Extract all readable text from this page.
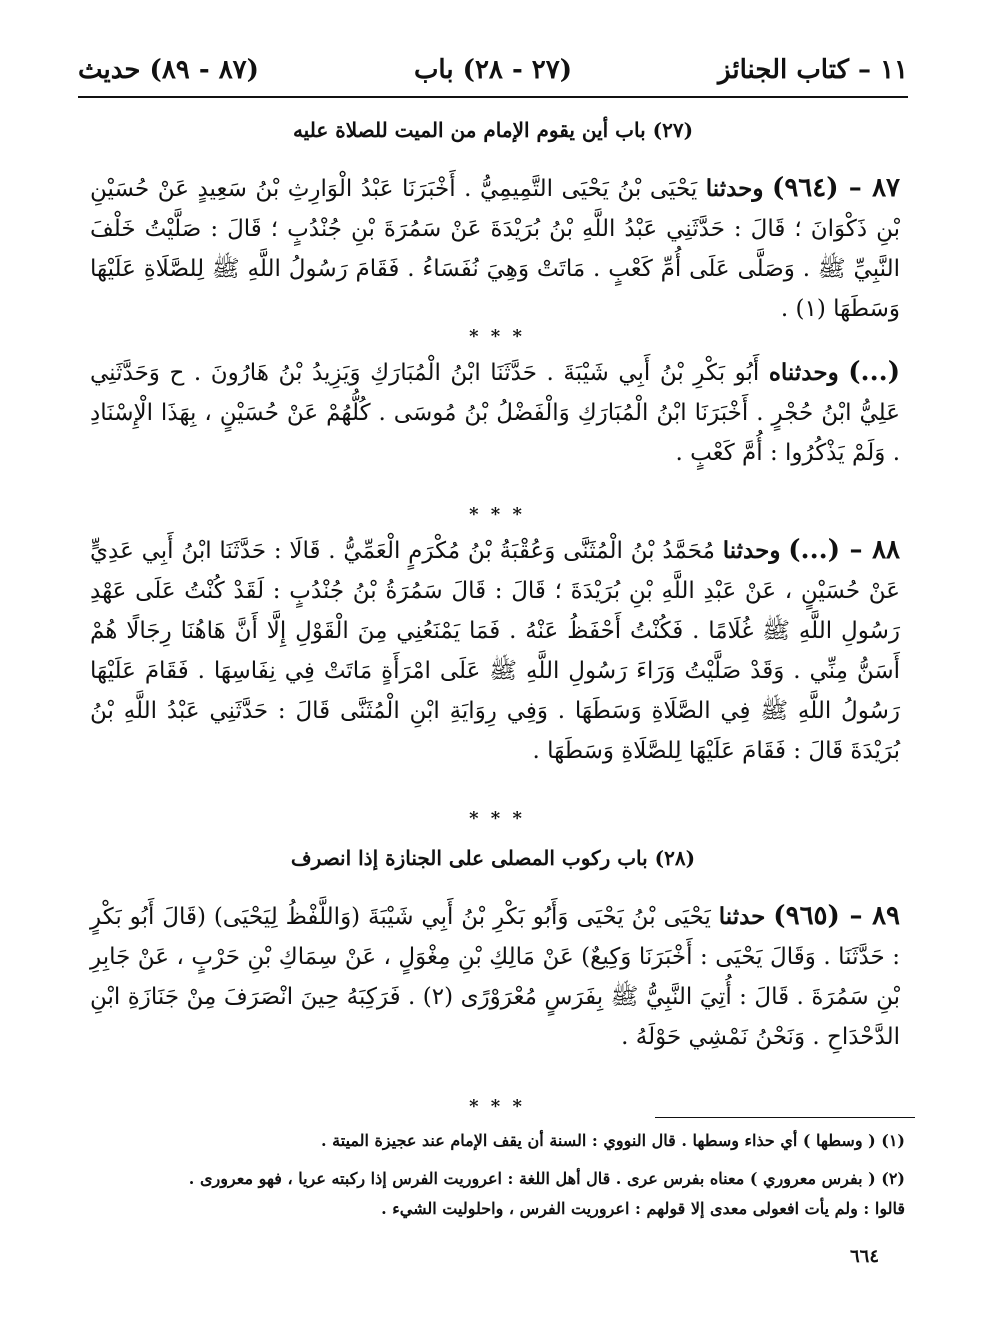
١١ – كتاب الجنائز
(٢٧ - ٢٨) باب
(٨٧ - ٨٩) حديث
(٢٧) باب أين يقوم الإمام من الميت للصلاة عليه
٨٧ – (٩٦٤) وحدثنا يَحْيَى بْنُ يَحْيَى التَّمِيمِيُّ . أَخْبَرَنَا عَبْدُ الْوَارِثِ بْنُ سَعِيدٍ عَنْ حُسَيْنِ بْنِ ذَكْوَانَ ؛ قَالَ : حَدَّثَنِي عَبْدُ اللَّهِ بْنُ بُرَيْدَةَ عَنْ سَمُرَةَ بْنِ جُنْدُبٍ ؛ قَالَ : صَلَّيْتُ خَلْفَ النَّبِيِّ ﷺ . وَصَلَّى عَلَى أُمِّ كَعْبٍ . مَاتَتْ وَهِيَ نُفَسَاءُ . فَقَامَ رَسُولُ اللَّهِ ﷺ لِلصَّلَاةِ عَلَيْهَا وَسَطَهَا (١) .
* * *
(...) وحدثناه أَبُو بَكْرِ بْنُ أَبِي شَيْبَةَ . حَدَّثَنَا ابْنُ الْمُبَارَكِ وَيَزِيدُ بْنُ هَارُونَ . ح وَحَدَّثَنِي عَلِيُّ ابْنُ حُجْرٍ . أَخْبَرَنَا ابْنُ الْمُبَارَكِ وَالْفَضْلُ بْنُ مُوسَى . كُلُّهُمْ عَنْ حُسَيْنٍ ، بِهَذَا الْإِسْنَادِ . وَلَمْ يَذْكُرُوا : أُمَّ كَعْبٍ .
* * *
٨٨ – (...) وحدثنا مُحَمَّدُ بْنُ الْمُثَنَّى وَعُقْبَةُ بْنُ مُكْرَمٍ الْعَمِّيُّ . قَالَا : حَدَّثَنَا ابْنُ أَبِي عَدِيٍّ عَنْ حُسَيْنٍ ، عَنْ عَبْدِ اللَّهِ بْنِ بُرَيْدَةَ ؛ قَالَ : قَالَ سَمُرَةُ بْنُ جُنْدُبٍ : لَقَدْ كُنْتُ عَلَى عَهْدِ رَسُولِ اللَّهِ ﷺ غُلَامًا . فَكُنْتُ أَحْفَظُ عَنْهُ . فَمَا يَمْنَعُنِي مِنَ الْقَوْلِ إِلَّا أَنَّ هَاهُنَا رِجَالًا هُمْ أَسَنُّ مِنِّي . وَقَدْ صَلَّيْتُ وَرَاءَ رَسُولِ اللَّهِ ﷺ عَلَى امْرَأَةٍ مَاتَتْ فِي نِفَاسِهَا . فَقَامَ عَلَيْهَا رَسُولُ اللَّهِ ﷺ فِي الصَّلَاةِ وَسَطَهَا . وَفِي رِوَايَةِ ابْنِ الْمُثَنَّى قَالَ : حَدَّثَنِي عَبْدُ اللَّهِ بْنُ بُرَيْدَةَ قَالَ : فَقَامَ عَلَيْهَا لِلصَّلَاةِ وَسَطَهَا .
* * *
(٢٨) باب ركوب المصلى على الجنازة إذا انصرف
٨٩ – (٩٦٥) حدثنا يَحْيَى بْنُ يَحْيَى وَأَبُو بَكْرِ بْنُ أَبِي شَيْبَةَ (وَاللَّفْظُ لِيَحْيَى) (قَالَ أَبُو بَكْرٍ : حَدَّثَنَا . وَقَالَ يَحْيَى : أَخْبَرَنَا وَكِيعٌ) عَنْ مَالِكِ بْنِ مِغْوَلٍ ، عَنْ سِمَاكِ بْنِ حَرْبٍ ، عَنْ جَابِرِ بْنِ سَمُرَةَ . قَالَ : أُتِيَ النَّبِيُّ ﷺ بِفَرَسٍ مُعْرَوْرًى (٢) . فَرَكِبَهُ حِينَ انْصَرَفَ مِنْ جَنَازَةِ ابْنِ الدَّحْدَاحِ . وَنَحْنُ نَمْشِي حَوْلَهُ .
* * *
(١) ( وسطها ) أي حذاء وسطها . قال النووي : السنة أن يقف الإمام عند عجيزة الميتة .
(٢) ( بفرس معروري ) معناه بفرس عرى . قال أهل اللغة : اعروريت الفرس إذا ركبته عريا ، فهو معرورى .
قالوا : ولم يأت افعولى معدى إلا قولهم : اعروريت الفرس ، واحلوليت الشيء .
٦٦٤
